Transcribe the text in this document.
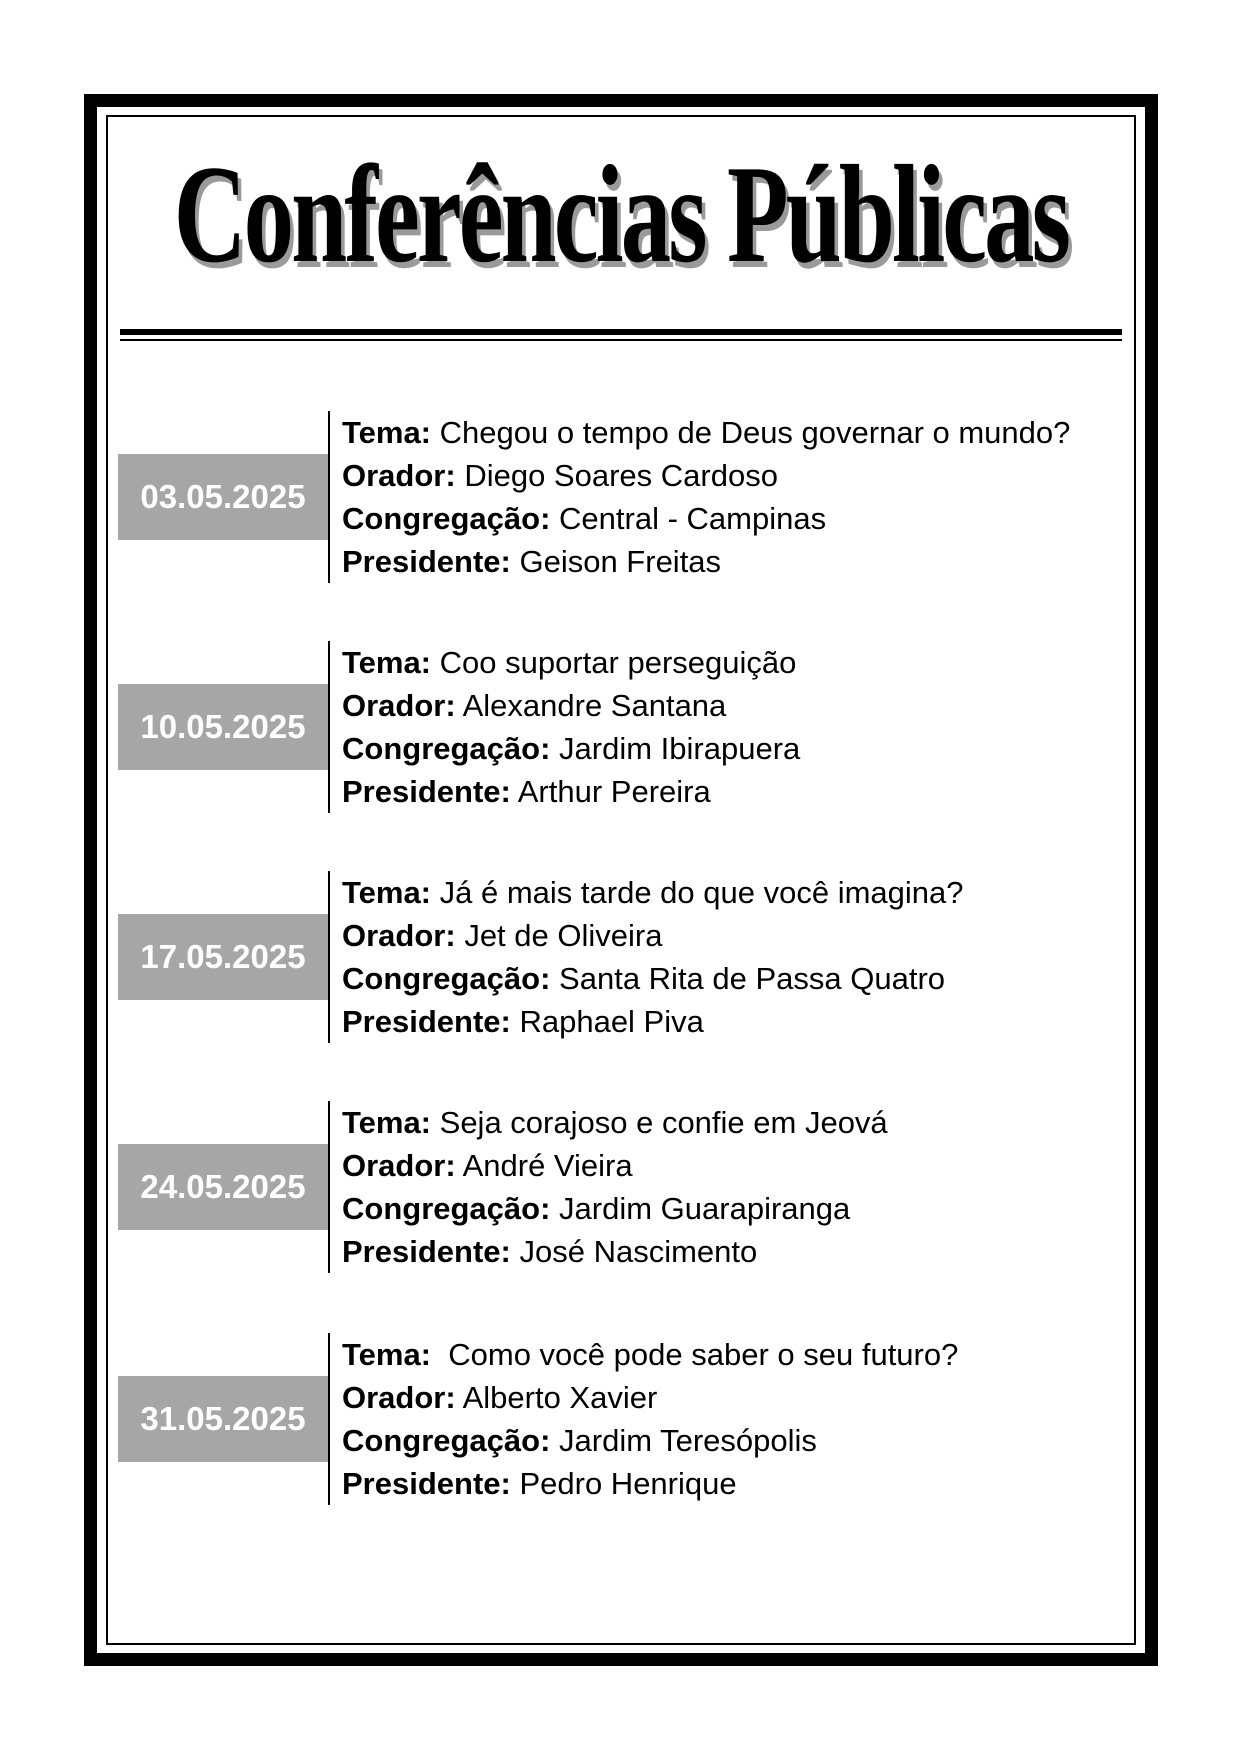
Conferências Públicas
03.05.2025
Tema: Chegou o tempo de Deus governar o mundo?
Orador: Diego Soares Cardoso
Congregação: Central - Campinas
Presidente: Geison Freitas
10.05.2025
Tema: Coo suportar perseguição
Orador: Alexandre Santana
Congregação: Jardim Ibirapuera
Presidente: Arthur Pereira
17.05.2025
Tema: Já é mais tarde do que você imagina?
Orador: Jet de Oliveira
Congregação: Santa Rita de Passa Quatro
Presidente: Raphael Piva
24.05.2025
Tema: Seja corajoso e confie em Jeová
Orador: André Vieira
Congregação: Jardim Guarapiranga
Presidente: José Nascimento
31.05.2025
Tema:  Como você pode saber o seu futuro?
Orador: Alberto Xavier
Congregação: Jardim Teresópolis
Presidente: Pedro Henrique
